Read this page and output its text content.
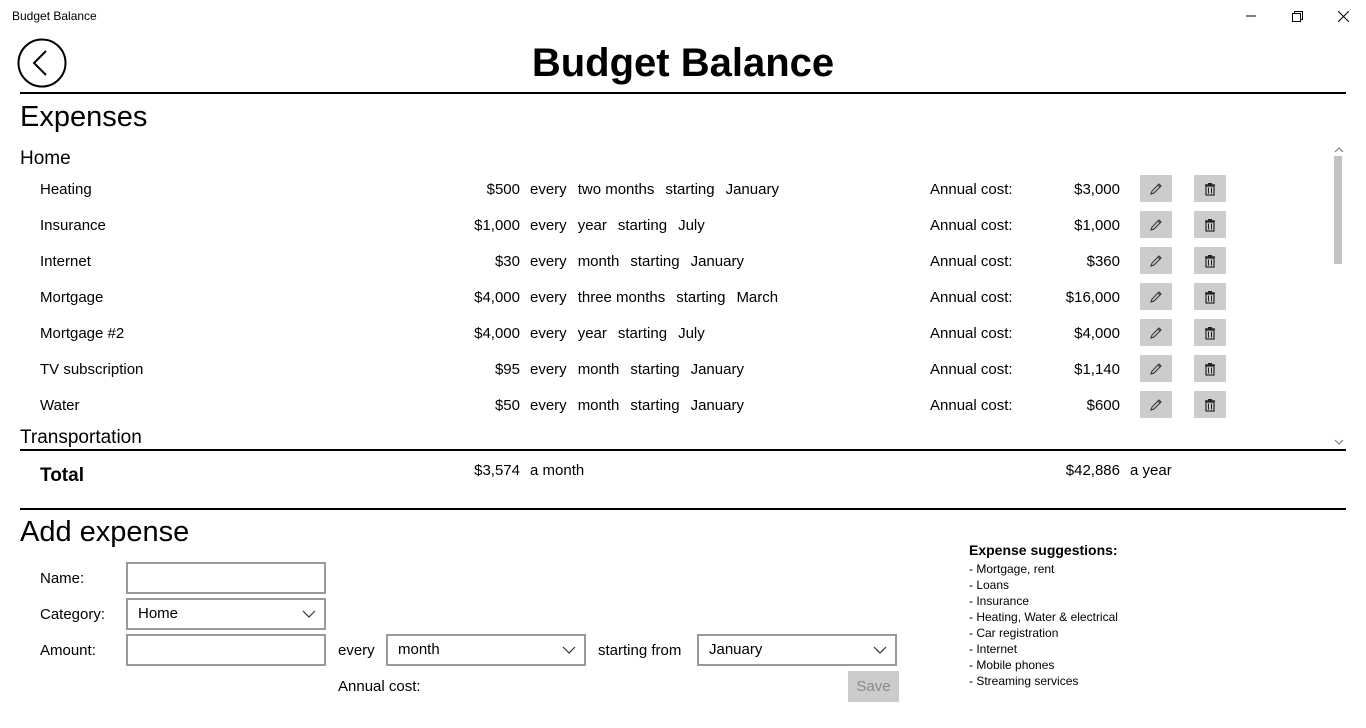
Budget Balance
Budget Balance
Expenses
Home
Heating	$500 every two months starting January	Annual cost:	$3,000
Insurance	$1,000 every year starting July	Annual cost:	$1,000
Internet	$30 every month starting January	Annual cost:	$360
Mortgage	$4,000 every three months starting March	Annual cost:	$16,000
Mortgage #2	$4,000 every year starting July	Annual cost:	$4,000
TV subscription	$95 every month starting January	Annual cost:	$1,140
Water	$50 every month starting January	Annual cost:	$600
Transportation
Total	$3,574 a month	$42,886 a year
Add expense
Name:
Category:	Home
Amount:	every	month	starting from	January
Annual cost:	Save
Expense suggestions:
- Mortgage, rent
- Loans
- Insurance
- Heating, Water & electrical
- Car registration
- Internet
- Mobile phones
- Streaming services
